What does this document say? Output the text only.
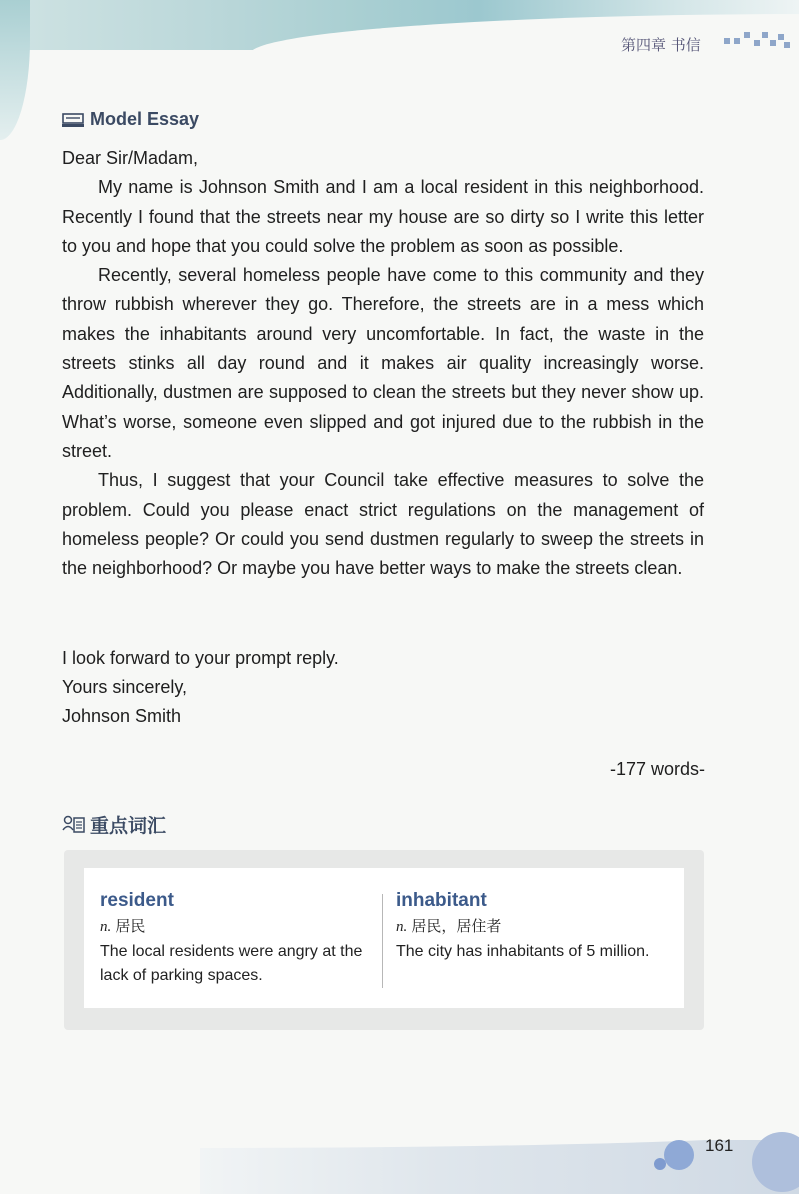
第四章 书信
Model Essay

Dear Sir/Madam,

My name is Johnson Smith and I am a local resident in this neighborhood. Recently I found that the streets near my house are so dirty so I write this letter to you and hope that you could solve the problem as soon as possible.

Recently, several homeless people have come to this community and they throw rubbish wherever they go. Therefore, the streets are in a mess which makes the inhabitants around very uncomfortable. In fact, the waste in the streets stinks all day round and it makes air quality increasingly worse. Additionally, dustmen are supposed to clean the streets but they never show up. What’s worse, someone even slipped and got injured due to the rubbish in the street.

Thus, I suggest that your Council take effective measures to solve the problem. Could you please enact strict regulations on the management of homeless people? Or could you send dustmen regularly to sweep the streets in the neighborhood? Or maybe you have better ways to make the streets clean.

I look forward to your prompt reply.
Yours sincerely,
Johnson Smith
-177 words-
重点词汇
resident
n. 居民
The local residents were angry at the lack of parking spaces.
inhabitant
n. 居民，居住者
The city has inhabitants of 5 million.
161
